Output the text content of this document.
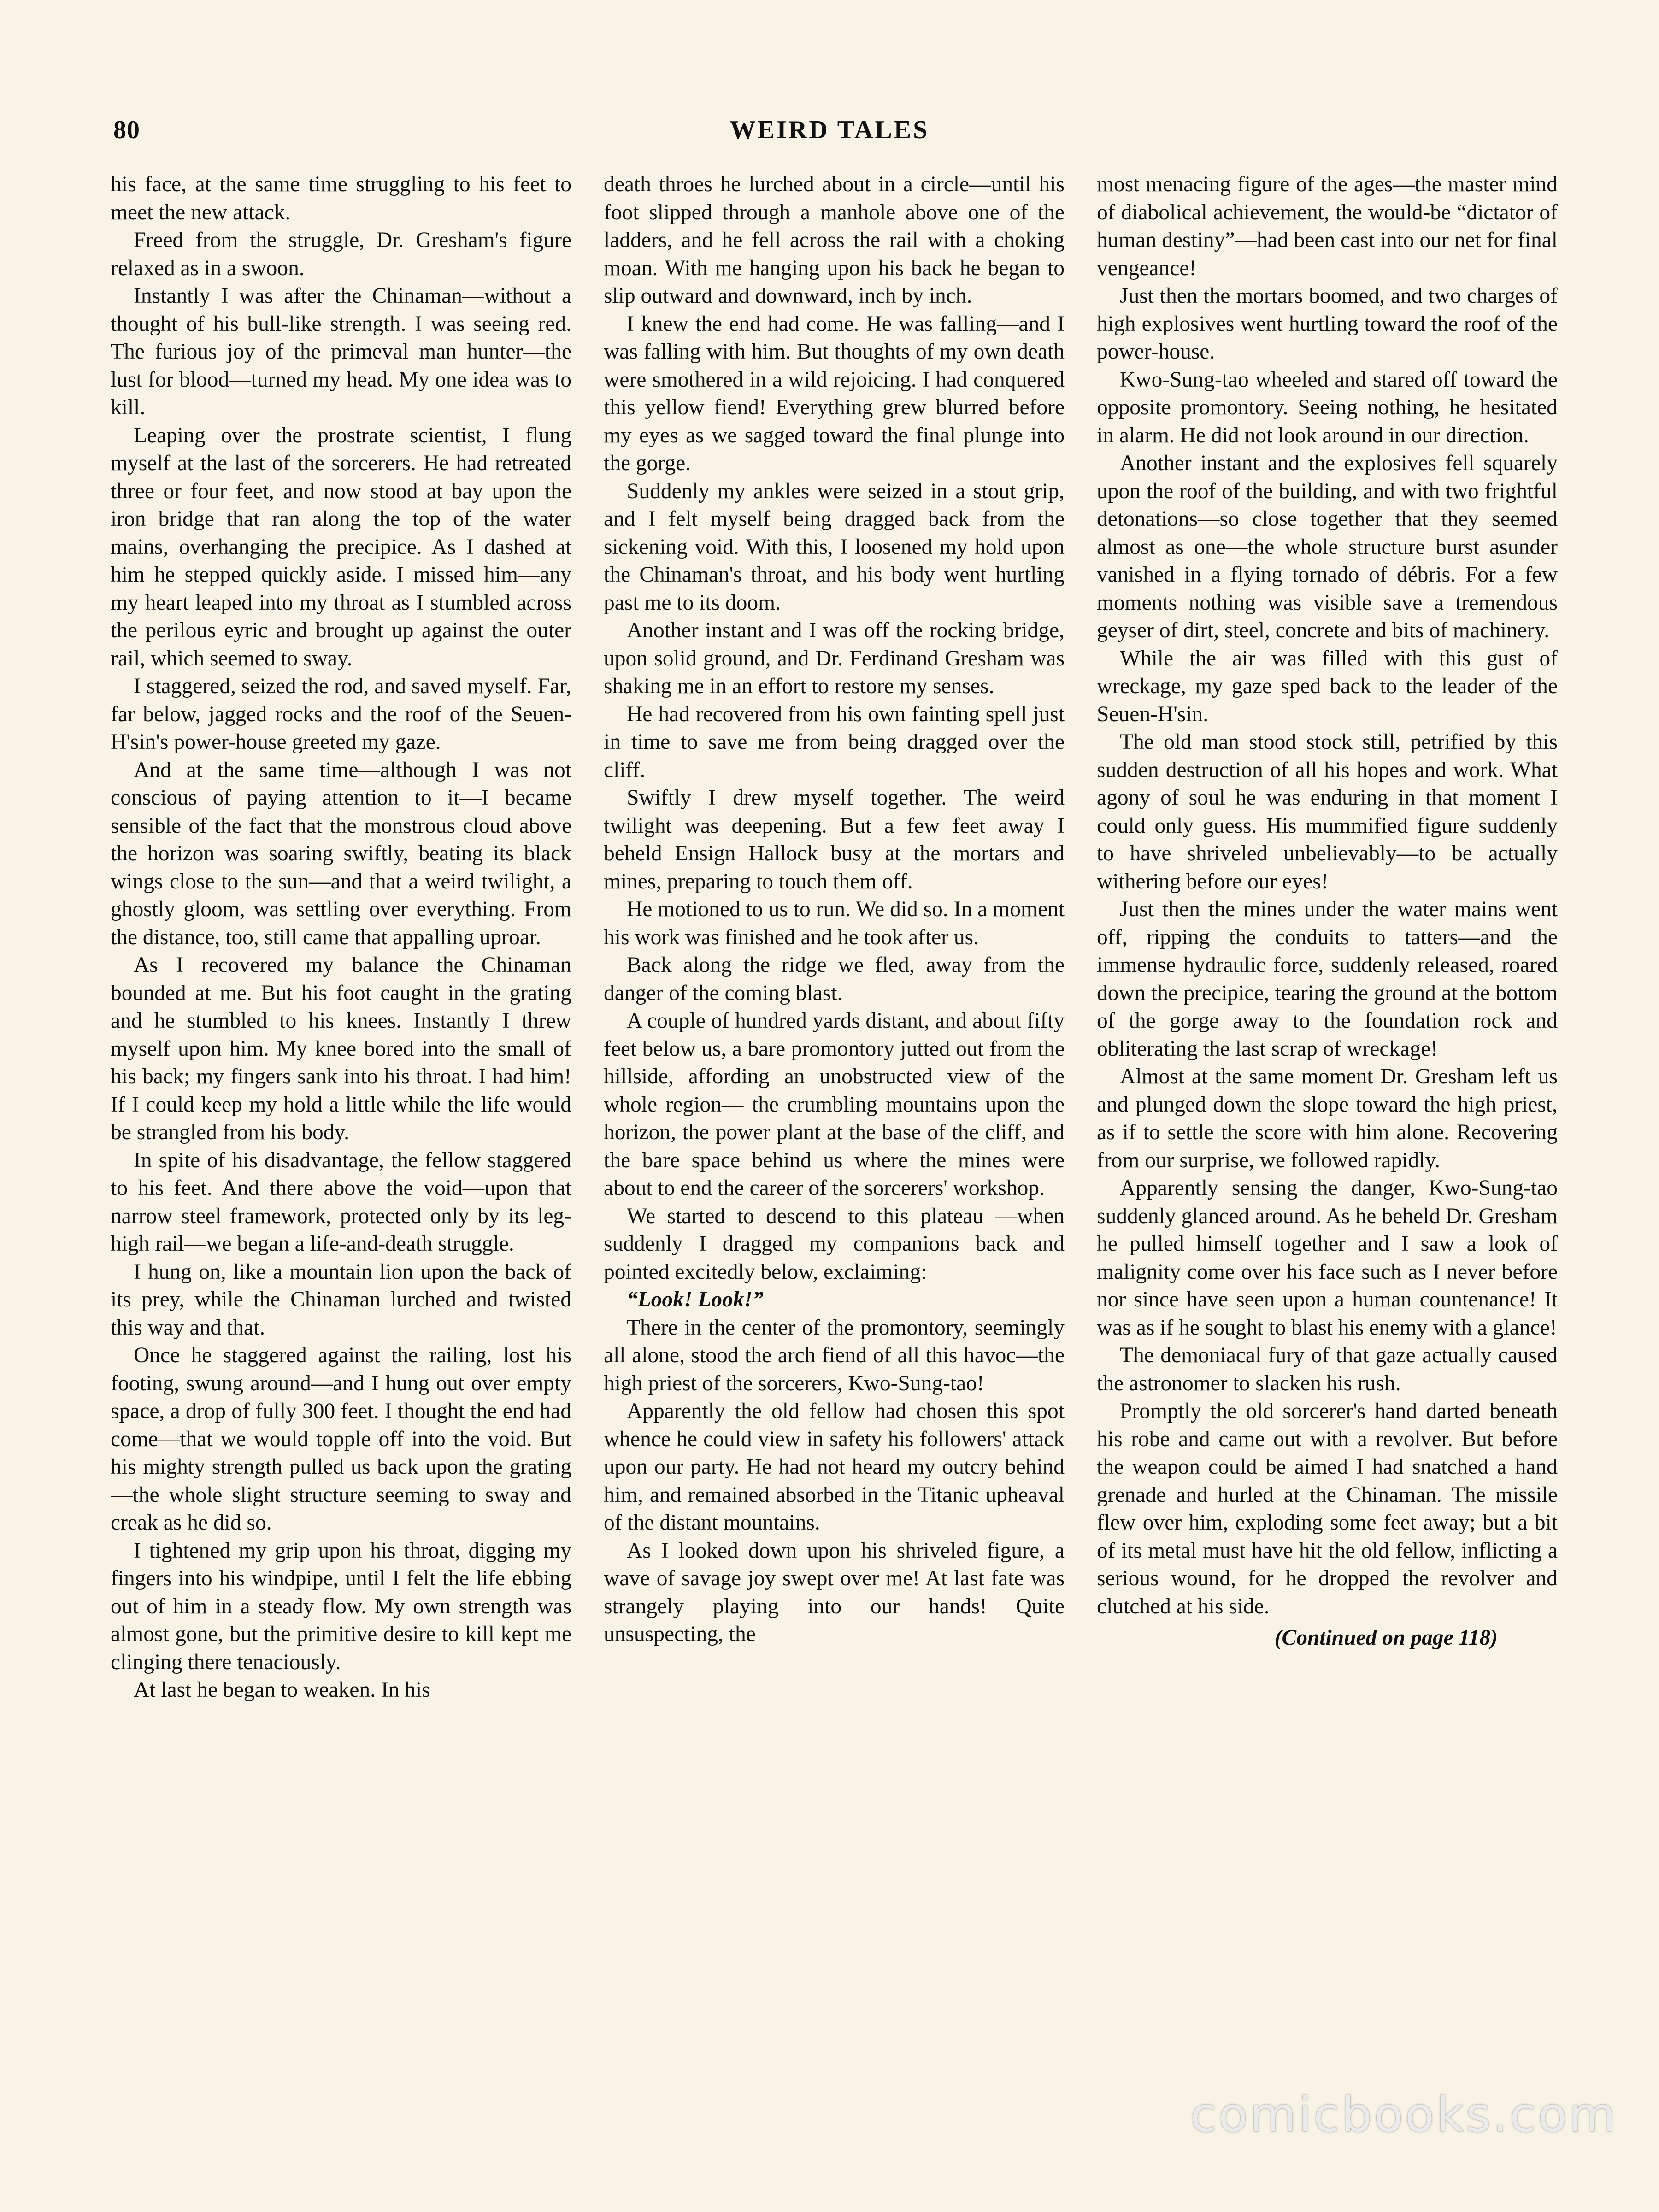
80	WEIRD TALES

his face, at the same time struggling to his feet to meet the new attack.

Freed from the struggle, Dr. Gresham's figure relaxed as in a swoon.

Instantly I was after the Chinaman—without a thought of his bull-like strength. I was seeing red. The furious joy of the primeval man hunter—the lust for blood—turned my head. My one idea was to kill.

Leaping over the prostrate scientist, I flung myself at the last of the sorcerers. He had retreated three or four feet, and now stood at bay upon the iron bridge that ran along the top of the water mains, overhanging the precipice. As I dashed at him he stepped quickly aside. I missed him—any my heart leaped into my throat as I stumbled across the perilous eyric and brought up against the outer rail, which seemed to sway.

I staggered, seized the rod, and saved myself. Far, far below, jagged rocks and the roof of the Seuen-H'sin's power-house greeted my gaze.

And at the same time—although I was not conscious of paying attention to it—I became sensible of the fact that the monstrous cloud above the horizon was soaring swiftly, beating its black wings close to the sun—and that a weird twilight, a ghostly gloom, was settling over everything. From the distance, too, still came that appalling uproar.

As I recovered my balance the Chinaman bounded at me. But his foot caught in the grating and he stumbled to his knees. Instantly I threw myself upon him. My knee bored into the small of his back; my fingers sank into his throat. I had him! If I could keep my hold a little while the life would be strangled from his body.

In spite of his disadvantage, the fellow staggered to his feet. And there above the void—upon that narrow steel framework, protected only by its leg-high rail—we began a life-and-death struggle.

I hung on, like a mountain lion upon the back of its prey, while the Chinaman lurched and twisted this way and that.

Once he staggered against the railing, lost his footing, swung around—and I hung out over empty space, a drop of fully 300 feet. I thought the end had come—that we would topple off into the void. But his mighty strength pulled us back upon the grating—the whole slight structure seeming to sway and creak as he did so.

I tightened my grip upon his throat, digging my fingers into his windpipe, until I felt the life ebbing out of him in a steady flow. My own strength was almost gone, but the primitive desire to kill kept me clinging there tenaciously.

At last he began to weaken. In his

death throes he lurched about in a circle—until his foot slipped through a manhole above one of the ladders, and he fell across the rail with a choking moan. With me hanging upon his back he began to slip outward and downward, inch by inch.

I knew the end had come. He was falling—and I was falling with him. But thoughts of my own death were smothered in a wild rejoicing. I had conquered this yellow fiend! Everything grew blurred before my eyes as we sagged toward the final plunge into the gorge.

Suddenly my ankles were seized in a stout grip, and I felt myself being dragged back from the sickening void. With this, I loosened my hold upon the Chinaman's throat, and his body went hurtling past me to its doom.

Another instant and I was off the rocking bridge, upon solid ground, and Dr. Ferdinand Gresham was shaking me in an effort to restore my senses.

He had recovered from his own fainting spell just in time to save me from being dragged over the cliff.

Swiftly I drew myself together. The weird twilight was deepening. But a few feet away I beheld Ensign Hallock busy at the mortars and mines, preparing to touch them off.

He motioned to us to run. We did so. In a moment his work was finished and he took after us.

Back along the ridge we fled, away from the danger of the coming blast.

A couple of hundred yards distant, and about fifty feet below us, a bare promontory jutted out from the hillside, affording an unobstructed view of the whole region— the crumbling mountains upon the horizon, the power plant at the base of the cliff, and the bare space behind us where the mines were about to end the career of the sorcerers' workshop.

We started to descend to this plateau —when suddenly I dragged my companions back and pointed excitedly below, exclaiming:

“Look! Look!”

There in the center of the promontory, seemingly all alone, stood the arch fiend of all this havoc—the high priest of the sorcerers, Kwo-Sung-tao!

Apparently the old fellow had chosen this spot whence he could view in safety his followers' attack upon our party. He had not heard my outcry behind him, and remained absorbed in the Titanic upheaval of the distant mountains.

As I looked down upon his shriveled figure, a wave of savage joy swept over me! At last fate was strangely playing into our hands! Quite unsuspecting, the

most menacing figure of the ages—the master mind of diabolical achievement, the would-be “dictator of human destiny”—had been cast into our net for final vengeance!

Just then the mortars boomed, and two charges of high explosives went hurtling toward the roof of the power-house.

Kwo-Sung-tao wheeled and stared off toward the opposite promontory. Seeing nothing, he hesitated in alarm. He did not look around in our direction.

Another instant and the explosives fell squarely upon the roof of the building, and with two frightful detonations—so close together that they seemed almost as one—the whole structure burst asunder vanished in a flying tornado of débris. For a few moments nothing was visible save a tremendous geyser of dirt, steel, concrete and bits of machinery.

While the air was filled with this gust of wreckage, my gaze sped back to the leader of the Seuen-H'sin.

The old man stood stock still, petrified by this sudden destruction of all his hopes and work. What agony of soul he was enduring in that moment I could only guess. His mummified figure suddenly to have shriveled unbelievably—to be actually withering before our eyes!

Just then the mines under the water mains went off, ripping the conduits to tatters—and the immense hydraulic force, suddenly released, roared down the precipice, tearing the ground at the bottom of the gorge away to the foundation rock and obliterating the last scrap of wreckage!

Almost at the same moment Dr. Gresham left us and plunged down the slope toward the high priest, as if to settle the score with him alone. Recovering from our surprise, we followed rapidly.

Apparently sensing the danger, Kwo-Sung-tao suddenly glanced around. As he beheld Dr. Gresham he pulled himself together and I saw a look of malignity come over his face such as I never before nor since have seen upon a human countenance! It was as if he sought to blast his enemy with a glance!

The demoniacal fury of that gaze actually caused the astronomer to slacken his rush.

Promptly the old sorcerer's hand darted beneath his robe and came out with a revolver. But before the weapon could be aimed I had snatched a hand grenade and hurled at the Chinaman. The missile flew over him, exploding some feet away; but a bit of its metal must have hit the old fellow, inflicting a serious wound, for he dropped the revolver and clutched at his side.

(Continued on page 118)

comicbooks.com
